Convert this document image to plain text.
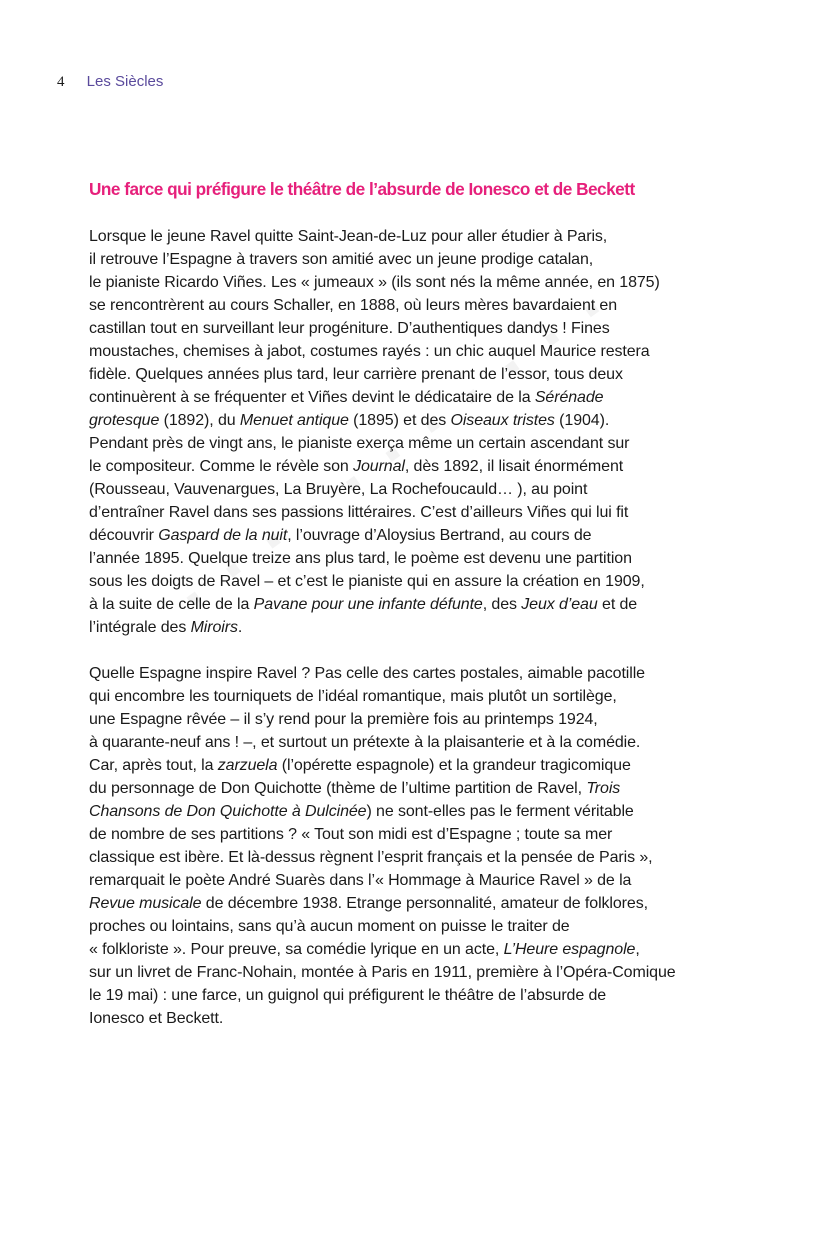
4 Les Siècles
Une farce qui préfigure le théâtre de l’absurde de Ionesco et de Beckett

Lorsque le jeune Ravel quitte Saint-Jean-de-Luz pour aller étudier à Paris,
il retrouve l’Espagne à travers son amitié avec un jeune prodige catalan,
le pianiste Ricardo Viñes. Les « jumeaux » (ils sont nés la même année, en 1875)
se rencontrèrent au cours Schaller, en 1888, où leurs mères bavardaient en
castillan tout en surveillant leur progéniture. D’authentiques dandys ! Fines
moustaches, chemises à jabot, costumes rayés : un chic auquel Maurice restera
fidèle. Quelques années plus tard, leur carrière prenant de l’essor, tous deux
continuèrent à se fréquenter et Viñes devint le dédicataire de la Sérénade
grotesque (1892), du Menuet antique (1895) et des Oiseaux tristes (1904).
Pendant près de vingt ans, le pianiste exerça même un certain ascendant sur
le compositeur. Comme le révèle son Journal, dès 1892, il lisait énormément
(Rousseau, Vauvenargues, La Bruyère, La Rochefoucauld… ), au point
d’entraîner Ravel dans ses passions littéraires. C’est d’ailleurs Viñes qui lui fit
découvrir Gaspard de la nuit, l’ouvrage d’Aloysius Bertrand, au cours de
l’année 1895. Quelque treize ans plus tard, le poème est devenu une partition
sous les doigts de Ravel – et c’est le pianiste qui en assure la création en 1909,
à la suite de celle de la Pavane pour une infante défunte, des Jeux d’eau et de
l’intégrale des Miroirs.

Quelle Espagne inspire Ravel ? Pas celle des cartes postales, aimable pacotille
qui encombre les tourniquets de l’idéal romantique, mais plutôt un sortilège,
une Espagne rêvée – il s’y rend pour la première fois au printemps 1924,
à quarante-neuf ans ! –, et surtout un prétexte à la plaisanterie et à la comédie.
Car, après tout, la zarzuela (l’opérette espagnole) et la grandeur tragicomique
du personnage de Don Quichotte (thème de l’ultime partition de Ravel, Trois
Chansons de Don Quichotte à Dulcinée) ne sont-elles pas le ferment véritable
de nombre de ses partitions ? « Tout son midi est d’Espagne ; toute sa mer
classique est ibère. Et là-dessus règnent l’esprit français et la pensée de Paris »,
remarquait le poète André Suarès dans l’« Hommage à Maurice Ravel » de la
Revue musicale de décembre 1938. Etrange personnalité, amateur de folklores,
proches ou lointains, sans qu’à aucun moment on puisse le traiter de
« folkloriste ». Pour preuve, sa comédie lyrique en un acte, L’Heure espagnole,
sur un livret de Franc-Nohain, montée à Paris en 1911, première à l’Opéra-Comique
le 19 mai) : une farce, un guignol qui préfigurent le théâtre de l’absurde de
Ionesco et Beckett.
